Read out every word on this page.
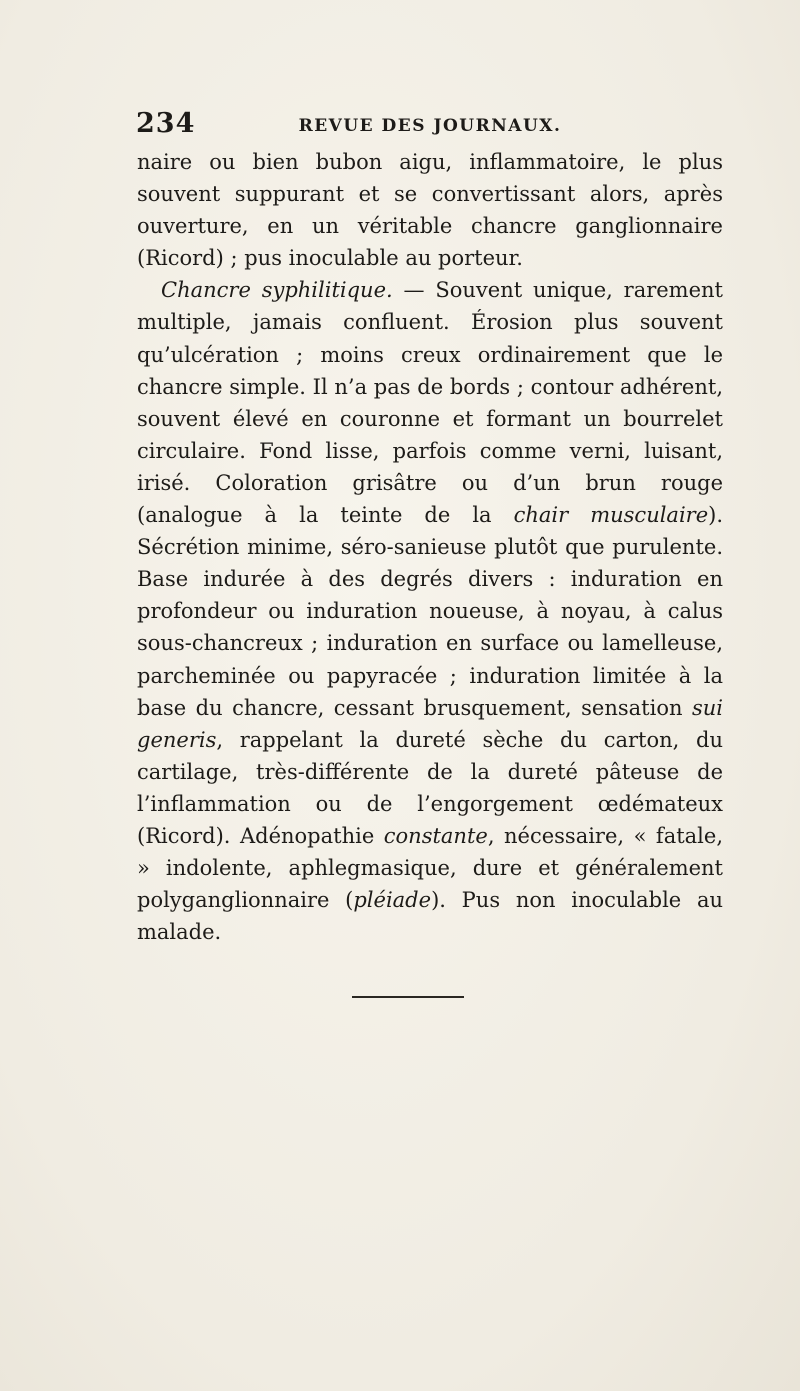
234	REVUE DES JOURNAUX.

naire ou bien bubon aigu, inflammatoire, le plus souvent suppurant et se convertissant alors, après ouverture, en un véritable chancre ganglionnaire (Ricord) ; pus inoculable au porteur.

Chancre syphilitique. — Souvent unique, rarement multiple, jamais confluent. Érosion plus souvent qu’ulcération ; moins creux ordinairement que le chancre simple. Il n’a pas de bords ; contour adhérent, souvent élevé en couronne et formant un bourrelet circulaire. Fond lisse, parfois comme verni, luisant, irisé. Coloration grisâtre ou d’un brun rouge (analogue à la teinte de la chair musculaire). Sécrétion minime, séro-sanieuse plutôt que purulente. Base indurée à des degrés divers : induration en profondeur ou induration noueuse, à noyau, à calus sous-chancreux ; induration en surface ou lamelleuse, parcheminée ou papyracée ; induration limitée à la base du chancre, cessant brusquement, sensation sui generis, rappelant la dureté sèche du carton, du cartilage, très-différente de la dureté pâteuse de l’inflammation ou de l’engorgement œdémateux (Ricord). Adénopathie constante, nécessaire, « fatale, » indolente, aphlegmasique, dure et généralement polyganglionnaire (pléiade). Pus non inoculable au malade.
